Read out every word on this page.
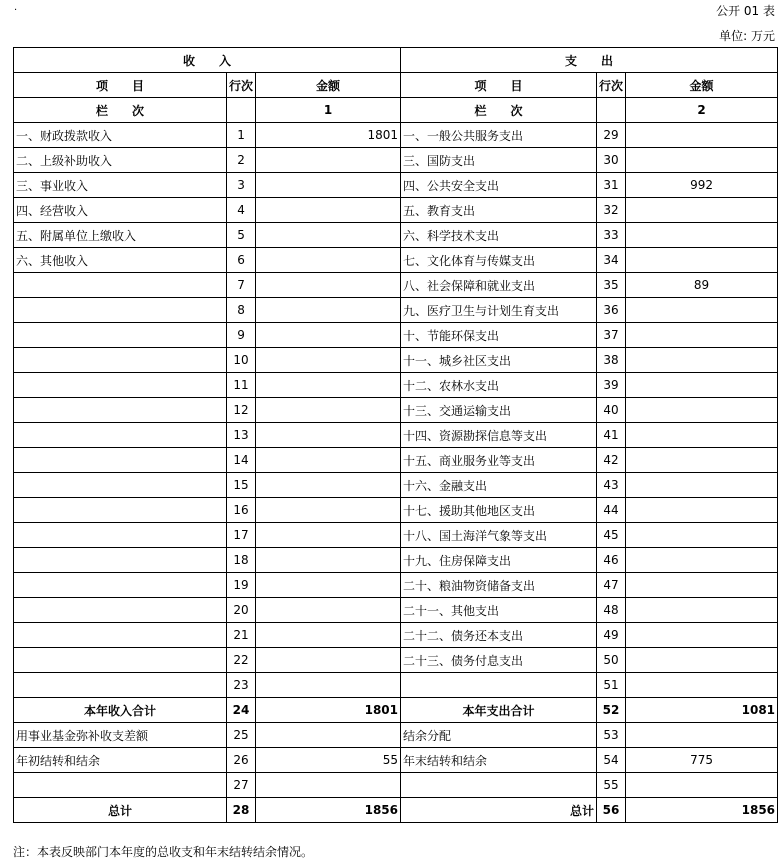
.	公开 01 表
单位: 万元
收　　入			支　　出		
项　　目	行次	金额	项　　目	行次	金额
栏　　次		1	栏　　次		2
一、财政拨款收入	1	1801	一、一般公共服务支出	29	
二、上级补助收入	2		三、国防支出	30	
三、事业收入	3		四、公共安全支出	31	992
四、经营收入	4		五、教育支出	32	
五、附属单位上缴收入	5		六、科学技术支出	33	
六、其他收入	6		七、文化体育与传媒支出	34	
	7		八、社会保障和就业支出	35	89
	8		九、医疗卫生与计划生育支出	36	
	9		十、节能环保支出	37	
	10		十一、城乡社区支出	38	
	11		十二、农林水支出	39	
	12		十三、交通运输支出	40	
	13		十四、资源勘探信息等支出	41	
	14		十五、商业服务业等支出	42	
	15		十六、金融支出	43	
	16		十七、援助其他地区支出	44	
	17		十八、国土海洋气象等支出	45	
	18		十九、住房保障支出	46	
	19		二十、粮油物资储备支出	47	
	20		二十一、其他支出	48	
	21		二十二、债务还本支出	49	
	22		二十三、债务付息支出	50	
	23			51	
本年收入合计	24	1801	本年支出合计	52	1081
用事业基金弥补收支差额	25		结余分配	53	
年初结转和结余	26	55	年末结转和结余	54	775
	27			55	
总计	28	1856	总计	56	1856
注：本表反映部门本年度的总收支和年末结转结余情况。
